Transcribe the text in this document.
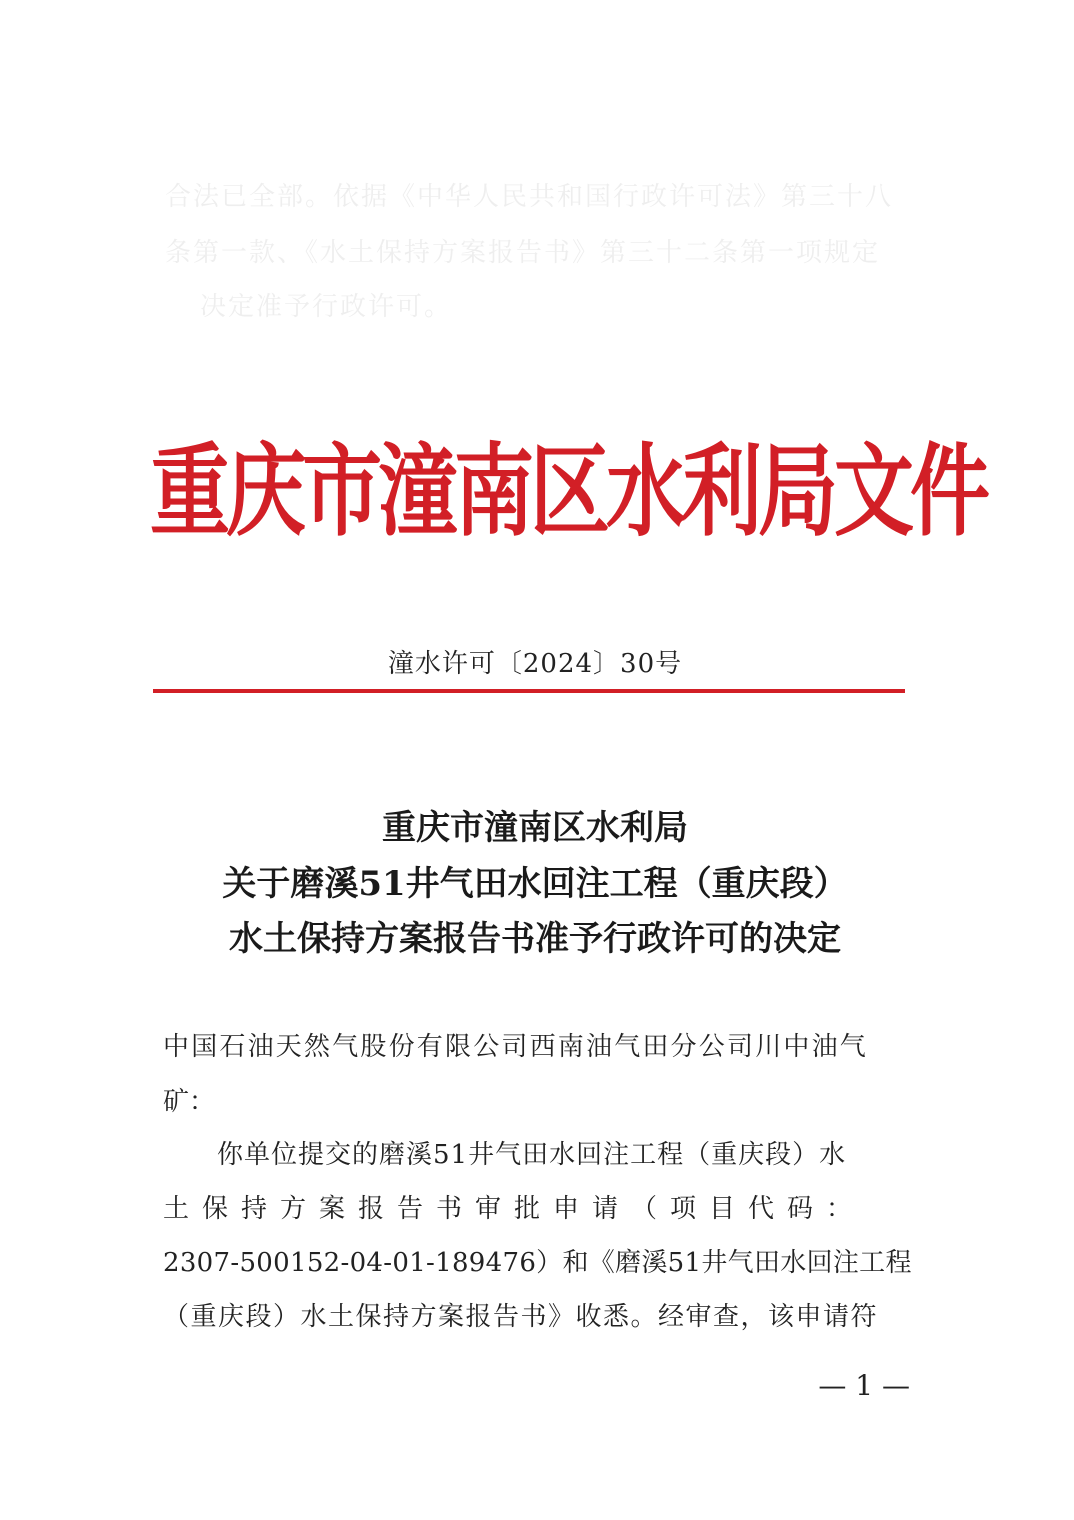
合法已全部。依据《中华人民共和国行政许可法》第三十八
条第一款、《水土保持方案报告书》第三十二条第一项规定
决定准予行政许可。
重庆市潼南区水利局文件
潼水许可〔2024〕30号
重庆市潼南区水利局
关于磨溪51井气田水回注工程（重庆段）
水土保持方案报告书准予行政许可的决定
中国石油天然气股份有限公司西南油气田分公司川中油气
矿：
你单位提交的磨溪51井气田水回注工程（重庆段）水
土保持方案报告书审批申请（项目代码：
2307-500152-04-01-189476）和《磨溪51井气田水回注工程
（重庆段）水土保持方案报告书》收悉。经审查，该申请符
— 1 —
